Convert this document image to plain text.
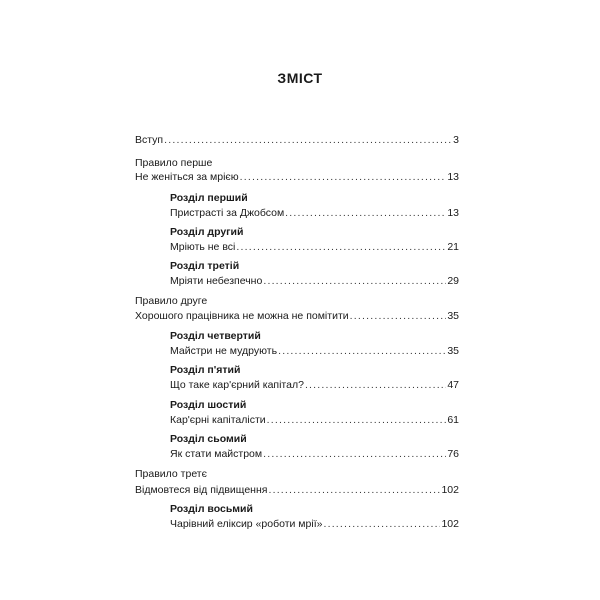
ЗМІСТ
Вступ .....	3
Правило перше
Не женіться за мрією .....	13
Розділ перший
Пристрасті за Джобсом .....	13
Розділ другий
Мріють не всі .....	21
Розділ третій
Мріяти небезпечно .....	29
Правило друге
Хорошого працівника не можна не помітити .....	35
Розділ четвертий
Майстри не мудрують .....	35
Розділ п'ятий
Що таке кар'єрний капітал? .....	47
Розділ шостий
Кар'єрні капіталісти .....	61
Розділ сьомий
Як стати майстром .....	76
Правило третє
Відмовтеся від підвищення .....	102
Розділ восьмий
Чарівний еліксир «роботи мрії» .....	102
